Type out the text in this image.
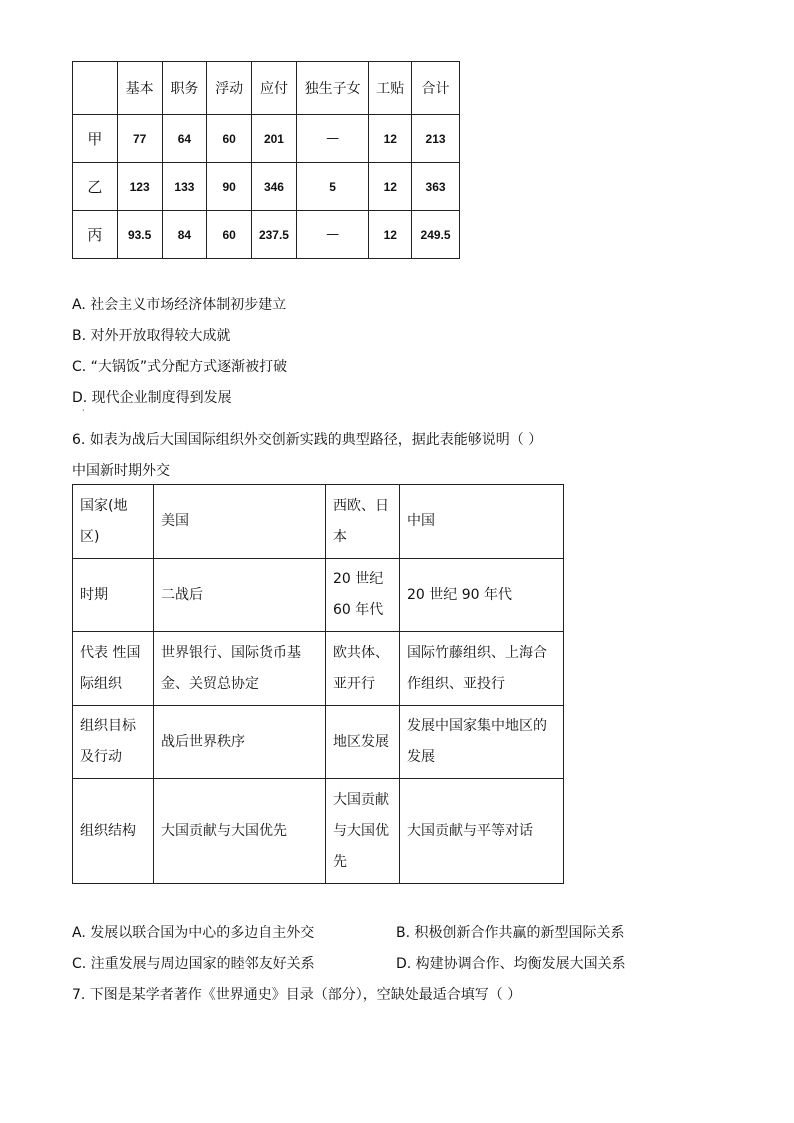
	基本	职务	浮动	应付	独生子女	工贴	合计
甲	77	64	60	201	—	12	213
乙	123	133	90	346	5	12	363
丙	93.5	84	60	237.5	—	12	249.5
A. 社会主义市场经济体制初步建立
B. 对外开放取得较大成就
C. “大锅饭”式分配方式逐渐被打破
D. 现代企业制度得到发展
·
6. 如表为战后大国国际组织外交创新实践的典型路径，据此表能够说明（ ）
中国新时期外交
国家(地区)	美国	西欧、日本	中国
时期	二战后	20 世纪 60 年代	20 世纪 90 年代
代表 性国际组织	世界银行、国际货币基金、关贸总协定	欧共体、亚开行	国际竹藤组织、上海合作组织、亚投行
组织目标及行动	战后世界秩序	地区发展	发展中国家集中地区的发展
组织结构	大国贡献与大国优先	大国贡献与大国优先	大国贡献与平等对话
A. 发展以联合国为中心的多边自主外交	B. 积极创新合作共赢的新型国际关系
C. 注重发展与周边国家的睦邻友好关系	D. 构建协调合作、均衡发展大国关系
7. 下图是某学者著作《世界通史》目录（部分），空缺处最适合填写（ ）
